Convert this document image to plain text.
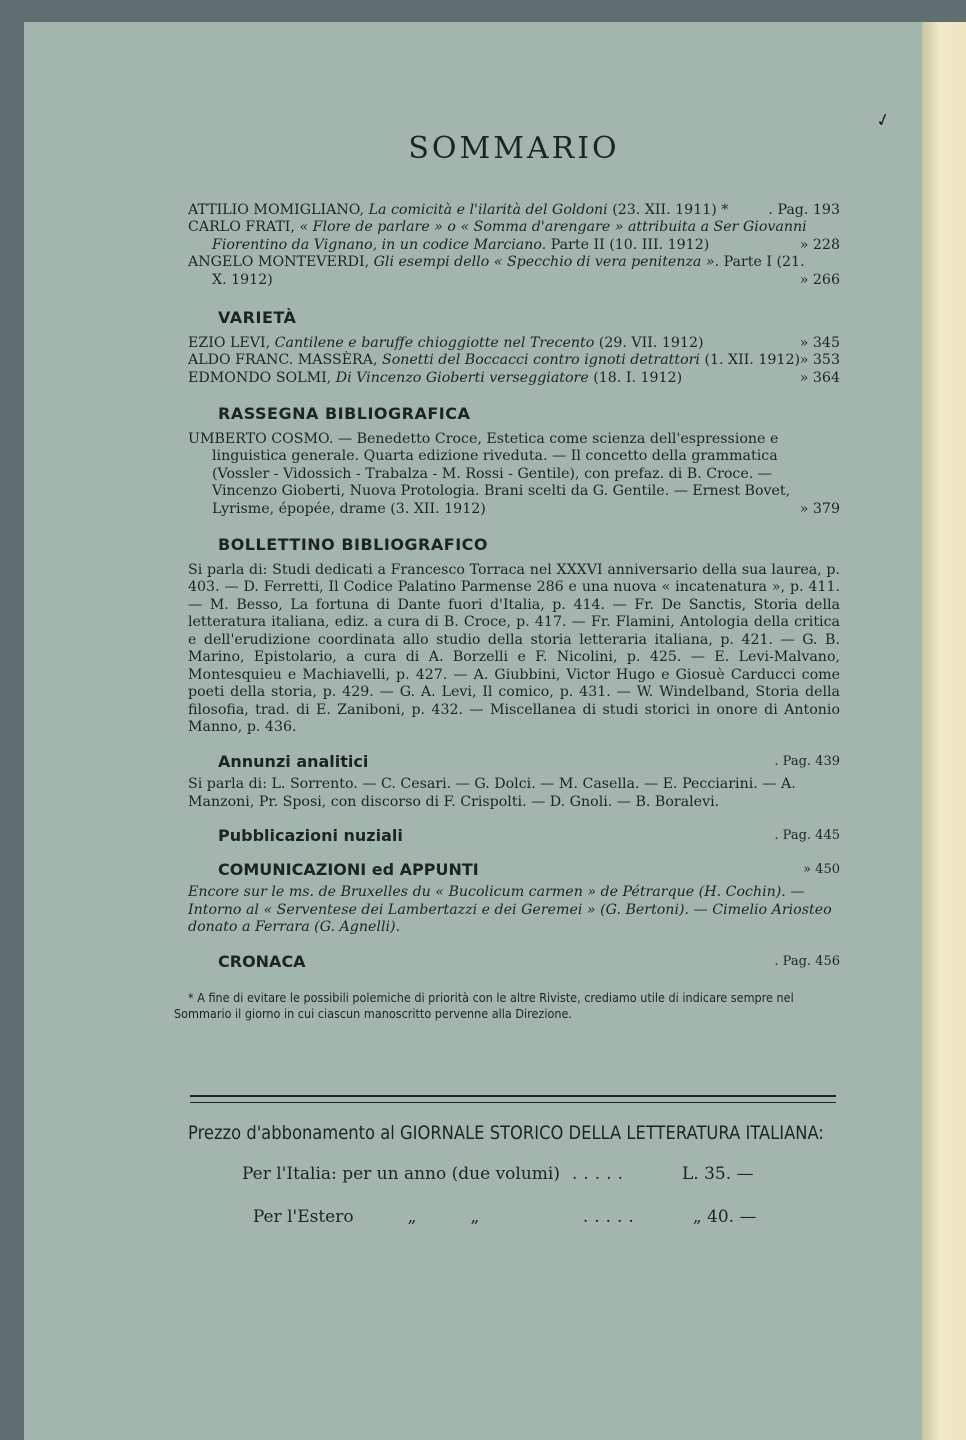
✓
SOMMARIO
ATTILIO MOMIGLIANO, La comicità e l'ilarità del Goldoni (23. XII. 1911) *	. Pag. 193
CARLO FRATI, « Flore de parlare » o « Somma d'arengare » attribuita a Ser Giovanni Fiorentino da Vignano, in un codice Marciano. Parte II (10. III. 1912)	» 228
ANGELO MONTEVERDI, Gli esempi dello « Specchio di vera penitenza ». Parte I (21. X. 1912)	» 266
VARIETÀ
EZIO LEVI, Cantilene e baruffe chioggiotte nel Trecento (29. VII. 1912)	» 345
ALDO FRANC. MASSÈRA, Sonetti del Boccacci contro ignoti detrattori (1. XII. 1912) » 353
EDMONDO SOLMI, Di Vincenzo Gioberti verseggiatore (18. I. 1912)	» 364
RASSEGNA BIBLIOGRAFICA
UMBERTO COSMO. — Benedetto Croce, Estetica come scienza dell'espressione e linguistica generale. Quarta edizione riveduta. — Il concetto della grammatica (Vossler - Vidossich - Trabalza - M. Rossi - Gentile), con prefaz. di B. Croce. — Vincenzo Gioberti, Nuova Protologia. Brani scelti da G. Gentile. — Ernest Bovet, Lyrisme, épopée, drame (3. XII. 1912)	» 379
BOLLETTINO BIBLIOGRAFICO
Si parla di: Studi dedicati a Francesco Torraca nel XXXVI anniversario della sua laurea, p. 403. — D. Ferretti, Il Codice Palatino Parmense 286 e una nuova « incatenatura », p. 411. — M. Besso, La fortuna di Dante fuori d'Italia, p. 414. — Fr. De Sanctis, Storia della letteratura italiana, ediz. a cura di B. Croce, p. 417. — Fr. Flamini, Antologia della critica e dell'erudizione coordinata allo studio della storia letteraria italiana, p. 421. — G. B. Marino, Epistolario, a cura di A. Borzelli e F. Nicolini, p. 425. — E. Levi-Malvano, Montesquieu e Machiavelli, p. 427. — A. Giubbini, Victor Hugo e Giosuè Carducci come poeti della storia, p. 429. — G. A. Levi, Il comico, p. 431. — W. Windelband, Storia della filosofia, trad. di E. Zaniboni, p. 432. — Miscellanea di studi storici in onore di Antonio Manno, p. 436.
Annunzi analitici	. Pag. 439
Si parla di: L. Sorrento. — C. Cesari. — G. Dolci. — M. Casella. — E. Pecciarini. — A. Manzoni, Pr. Sposi, con discorso di F. Crispolti. — D. Gnoli. — B. Boralevi.
Pubblicazioni nuziali	. Pag. 445
COMUNICAZIONI ed APPUNTI	» 450
Encore sur le ms. de Bruxelles du « Bucolicum carmen » de Pétrarque (H. Cochin). — Intorno al « Serventese dei Lambertazzi e dei Geremei » (G. Bertoni). — Cimelio Ariosteo donato a Ferrara (G. Agnelli).
CRONACA	. Pag. 456
* A fine di evitare le possibili polemiche di priorità con le altre Riviste, crediamo utile di indicare sempre nel Sommario il giorno in cui ciascun manoscritto pervenne alla Direzione.
Prezzo d'abbonamento al GIORNALE STORICO DELLA LETTERATURA ITALIANA:
Per l'Italia: per un anno (due volumi) .....	L. 35. —

Per l'Estero          „          „	.....	„ 40. —
